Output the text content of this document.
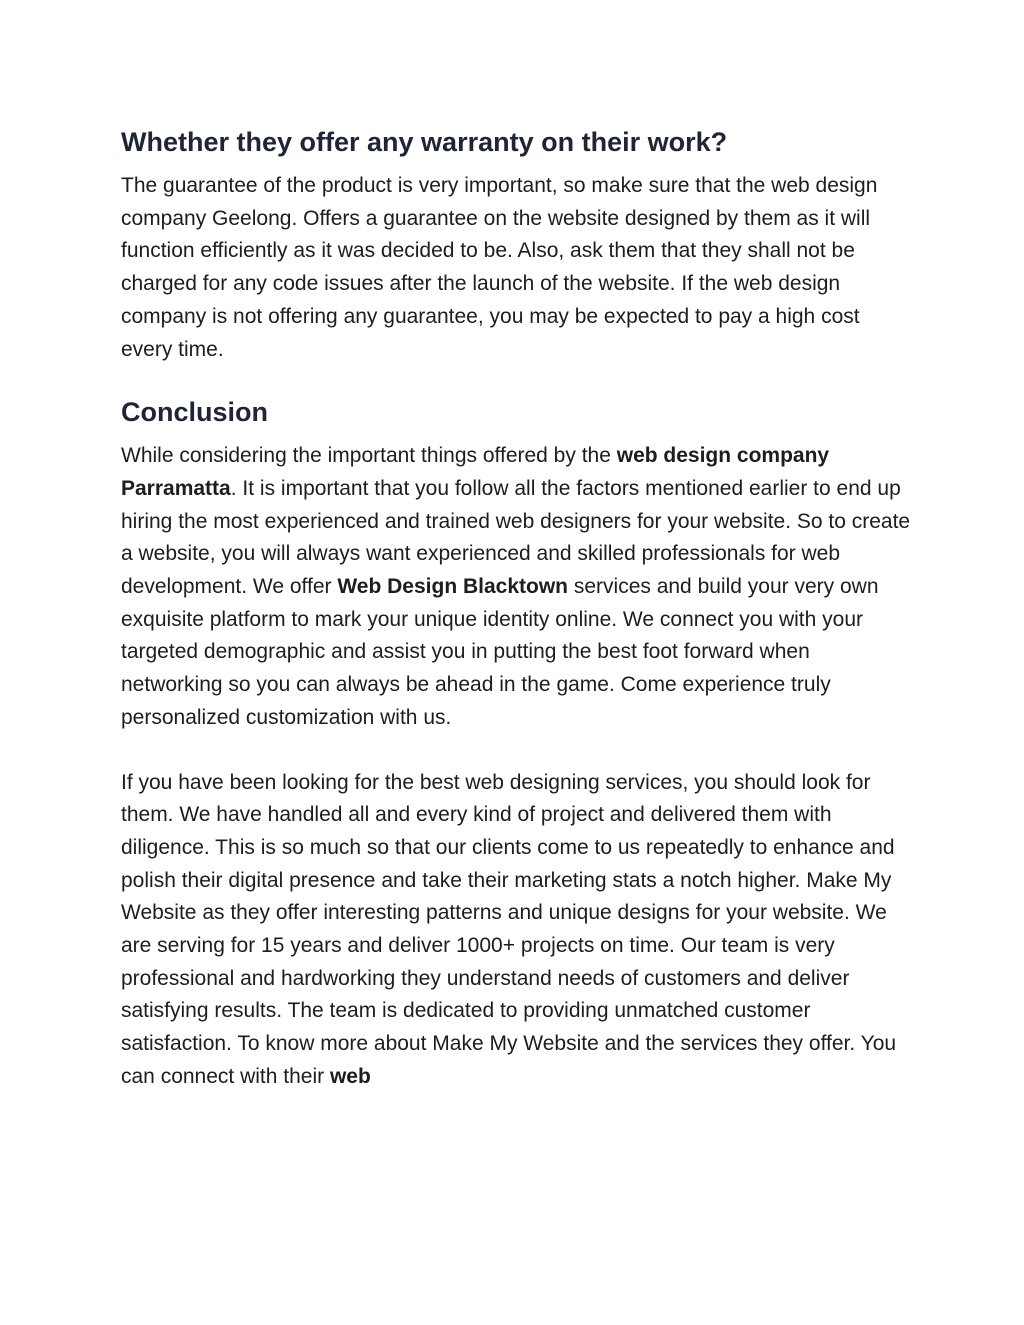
Whether they offer any warranty on their work?

The guarantee of the product is very important, so make sure that the web design company Geelong. Offers a guarantee on the website designed by them as it will function efficiently as it was decided to be. Also, ask them that they shall not be charged for any code issues after the launch of the website. If the web design company is not offering any guarantee, you may be expected to pay a high cost every time.

Conclusion

While considering the important things offered by the web design company Parramatta. It is important that you follow all the factors mentioned earlier to end up hiring the most experienced and trained web designers for your website. So to create a website, you will always want experienced and skilled professionals for web development. We offer Web Design Blacktown services and build your very own exquisite platform to mark your unique identity online. We connect you with your targeted demographic and assist you in putting the best foot forward when networking so you can always be ahead in the game. Come experience truly personalized customization with us.

If you have been looking for the best web designing services, you should look for them. We have handled all and every kind of project and delivered them with diligence. This is so much so that our clients come to us repeatedly to enhance and polish their digital presence and take their marketing stats a notch higher. Make My Website as they offer interesting patterns and unique designs for your website. We are serving for 15 years and deliver 1000+ projects on time. Our team is very professional and hardworking they understand needs of customers and deliver satisfying results. The team is dedicated to providing unmatched customer satisfaction. To know more about Make My Website and the services they offer. You can connect with their web
